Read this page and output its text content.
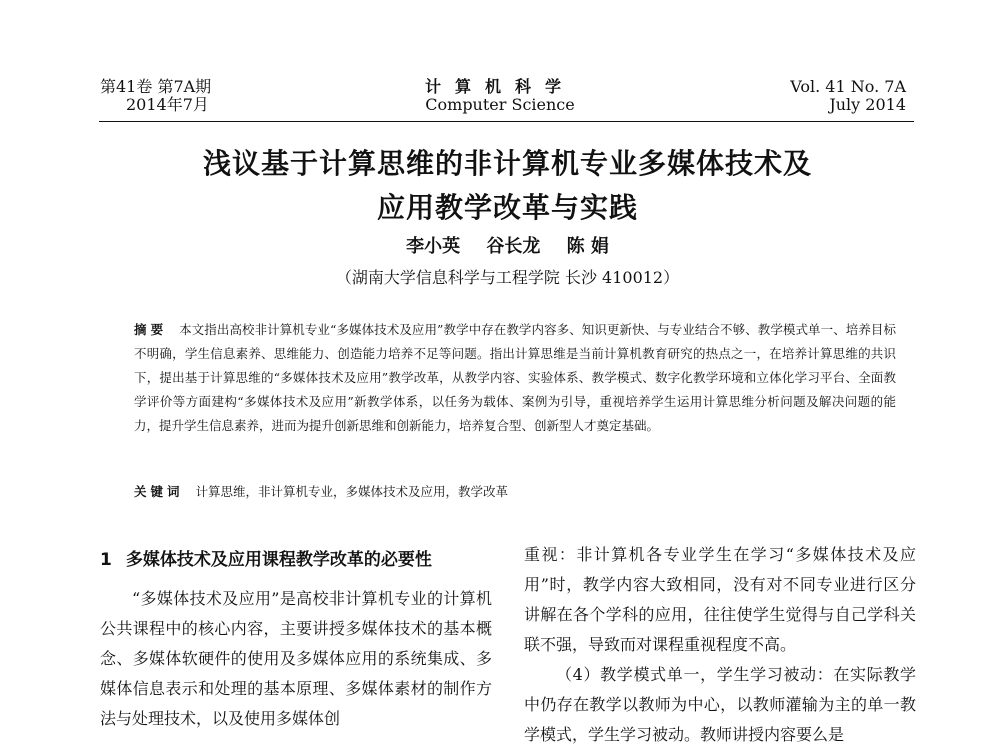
第41卷 第7A期
2014年7月
计算机科学
Computer Science
Vol. 41 No. 7A
July 2014
浅议基于计算思维的非计算机专业多媒体技术及
应用教学改革与实践
李小英 谷长龙 陈 娟
（湖南大学信息科学与工程学院 长沙 410012）
摘要 本文指出高校非计算机专业“多媒体技术及应用”教学中存在教学内容多、知识更新快、与专业结合不够、教学模式单一、培养目标不明确，学生信息素养、思维能力、创造能力培养不足等问题。指出计算思维是当前计算机教育研究的热点之一，在培养计算思维的共识下，提出基于计算思维的“多媒体技术及应用”教学改革，从教学内容、实验体系、教学模式、数字化教学环境和立体化学习平台、全面教学评价等方面建构“多媒体技术及应用”新教学体系，以任务为载体、案例为引导，重视培养学生运用计算思维分析问题及解决问题的能力，提升学生信息素养，进而为提升创新思维和创新能力，培养复合型、创新型人才奠定基础。
关键词 计算思维，非计算机专业，多媒体技术及应用，教学改革
1 多媒体技术及应用课程教学改革的必要性

“多媒体技术及应用”是高校非计算机专业的计算机公共课程中的核心内容，主要讲授多媒体技术的基本概念、多媒体软硬件的使用及多媒体应用的系统集成、多媒体信息表示和处理的基本原理、多媒体素材的制作方法与处理技术，以及使用多媒体创

重视：非计算机各专业学生在学习“多媒体技术及应用”时，教学内容大致相同，没有对不同专业进行区分讲解在各个学科的应用，往往使学生觉得与自己学科关联不强，导致而对课程重视程度不高。

（4）教学模式单一，学生学习被动：在实际教学中仍存在教学以教师为中心，以教师灌输为主的单一教学模式，学生学习被动。教师讲授内容要么是
